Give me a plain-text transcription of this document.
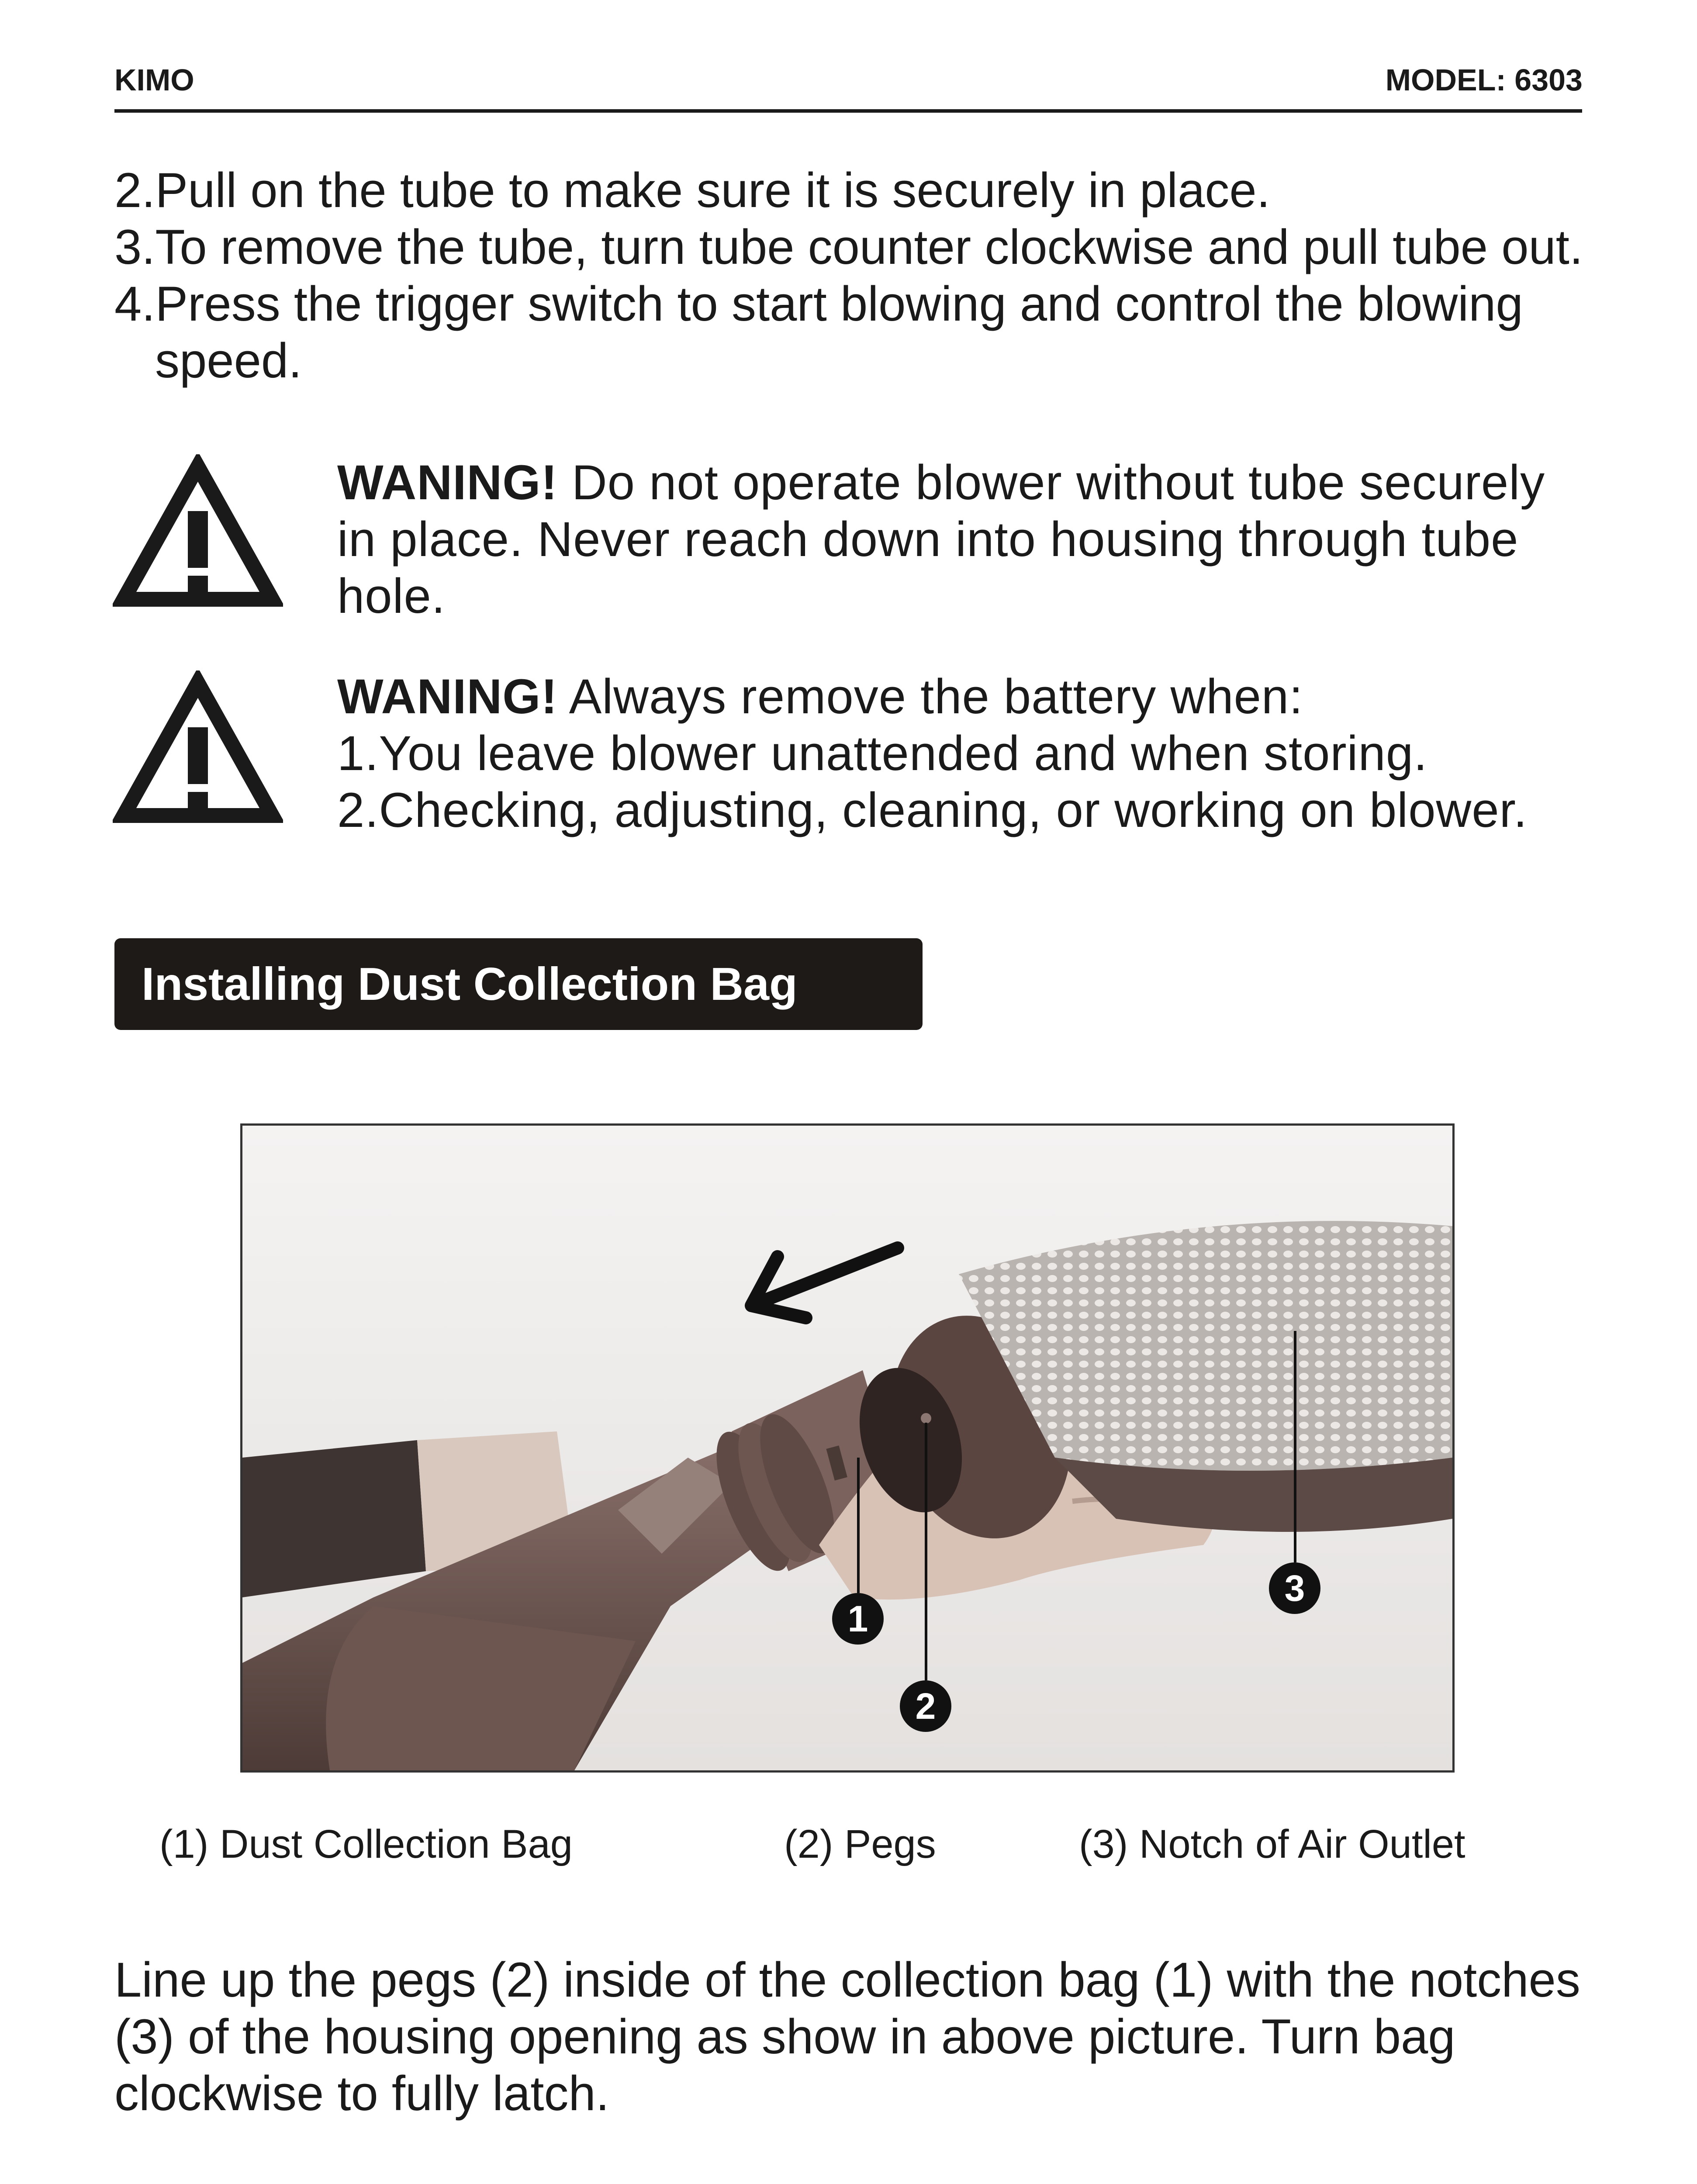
KIMO	MODEL: 6303
2.Pull on the tube to make sure it is securely in place.
3.To remove the tube, turn tube counter clockwise and pull tube out.
4.Press the trigger switch to start blowing and control the blowing
speed.
WANING! Do not operate blower without tube securely
in place. Never reach down into housing through tube
hole.
WANING! Always remove the battery when:
1.You leave blower unattended and when storing.
2.Checking, adjusting, cleaning, or working on blower.
Installing Dust Collection Bag
1
2
3
(1) Dust Collection Bag	(2) Pegs	(3) Notch of Air Outlet
Line up the pegs (2) inside of the collection bag (1) with the notches (3) of the housing opening as show in above picture. Turn bag clockwise to fully latch.
